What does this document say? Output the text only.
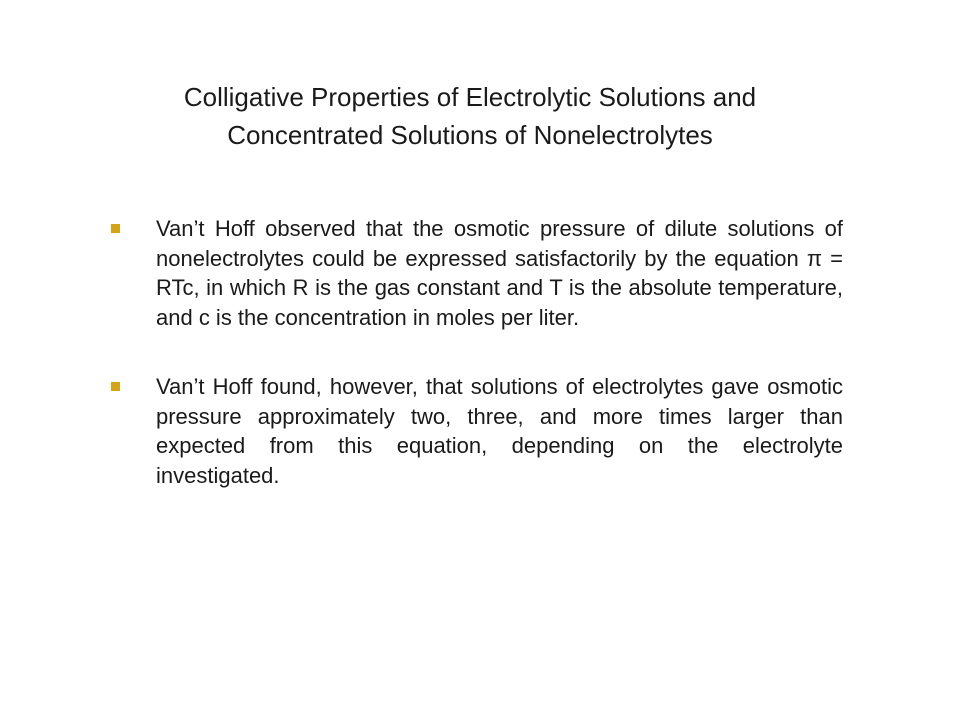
Colligative Properties of Electrolytic Solutions and
Concentrated Solutions of Nonelectrolytes
Van’t Hoff observed that the osmotic pressure of dilute solutions of nonelectrolytes could be expressed satisfactorily by the equation π = RTc, in which R is the gas constant and T is the absolute temperature, and c is the concentration in moles per liter.
Van’t Hoff found, however, that solutions of electrolytes gave osmotic pressure approximately two, three, and more times larger than expected from this equation, depending on the electrolyte investigated.
